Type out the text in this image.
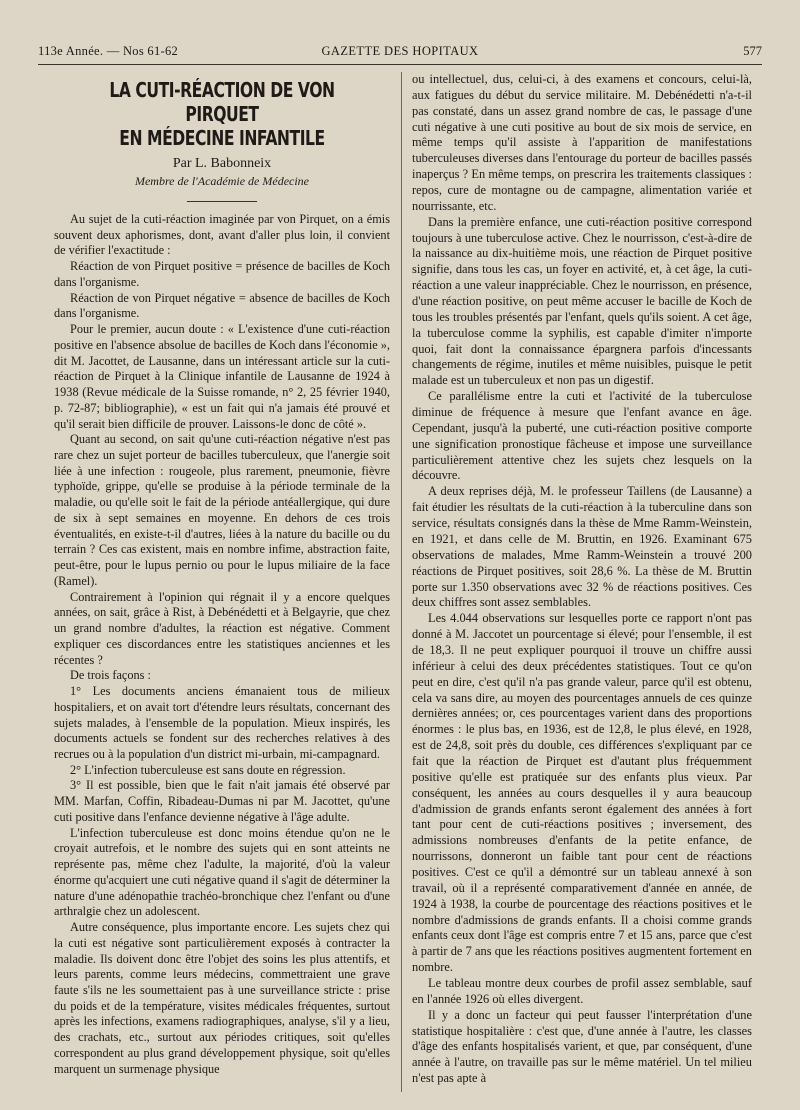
113e Année. — Nos 61-62	GAZETTE DES HOPITAUX	577
LA CUTI-RÉACTION DE VON PIRQUET
EN MÉDECINE INFANTILE
Par L. Babonneix
Membre de l'Académie de Médecine

Au sujet de la cuti-réaction imaginée par von Pirquet, on a émis souvent deux aphorismes, dont, avant d'aller plus loin, il convient de vérifier l'exactitude :

Réaction de von Pirquet positive = présence de bacilles de Koch dans l'organisme.

Réaction de von Pirquet négative = absence de bacilles de Koch dans l'organisme.

Pour le premier, aucun doute : « L'existence d'une cuti-réaction positive en l'absence absolue de bacilles de Koch dans l'économie », dit M. Jacottet, de Lausanne, dans un intéressant article sur la cuti-réaction de Pirquet à la Clinique infantile de Lausanne de 1924 à 1938 (Revue médicale de la Suisse romande, n° 2, 25 février 1940, p. 72-87; bibliographie), « est un fait qui n'a jamais été prouvé et qu'il serait bien difficile de prouver. Laissons-le donc de côté ».

Quant au second, on sait qu'une cuti-réaction négative n'est pas rare chez un sujet porteur de bacilles tuberculeux, que l'anergie soit liée à une infection : rougeole, plus rarement, pneumonie, fièvre typhoïde, grippe, qu'elle se produise à la période terminale de la maladie, ou qu'elle soit le fait de la période antéallergique, qui dure de six à sept semaines en moyenne. En dehors de ces trois éventualités, en existe-t-il d'autres, liées à la nature du bacille ou du terrain ? Ces cas existent, mais en nombre infime, abstraction faite, peut-être, pour le lupus pernio ou pour le lupus miliaire de la face (Ramel).

Contrairement à l'opinion qui régnait il y a encore quelques années, on sait, grâce à Rist, à Debénédetti et à Belgayrie, que chez un grand nombre d'adultes, la réaction est négative. Comment expliquer ces discordances entre les statistiques anciennes et les récentes ?

De trois façons :

1° Les documents anciens émanaient tous de milieux hospitaliers, et on avait tort d'étendre leurs résultats, concernant des sujets malades, à l'ensemble de la population. Mieux inspirés, les documents actuels se fondent sur des recherches relatives à des recrues ou à la population d'un district mi-urbain, mi-campagnard.

2° L'infection tuberculeuse est sans doute en régression.

3° Il est possible, bien que le fait n'ait jamais été observé par MM. Marfan, Coffin, Ribadeau-Dumas ni par M. Jacottet, qu'une cuti positive dans l'enfance devienne négative à l'âge adulte.

L'infection tuberculeuse est donc moins étendue qu'on ne le croyait autrefois, et le nombre des sujets qui en sont atteints ne représente pas, même chez l'adulte, la majorité, d'où la valeur énorme qu'acquiert une cuti négative quand il s'agit de déterminer la nature d'une adénopathie trachéo-bronchique chez l'enfant ou d'une arthralgie chez un adolescent.

Autre conséquence, plus importante encore. Les sujets chez qui la cuti est négative sont particulièrement exposés à contracter la maladie. Ils doivent donc être l'objet des soins les plus attentifs, et leurs parents, comme leurs médecins, commettraient une grave faute s'ils ne les soumettaient pas à une surveillance stricte : prise du poids et de la température, visites médicales fréquentes, surtout après les infections, examens radiographiques, analyse, s'il y a lieu, des crachats, etc., surtout aux périodes critiques, soit qu'elles correspondent au plus grand développement physique, soit qu'elles marquent un surmenage physique

ou intellectuel, dus, celui-ci, à des examens et concours, celui-là, aux fatigues du début du service militaire. M. Debénédetti n'a-t-il pas constaté, dans un assez grand nombre de cas, le passage d'une cuti négative à une cuti positive au bout de six mois de service, en même temps qu'il assiste à l'apparition de manifestations tuberculeuses diverses dans l'entourage du porteur de bacilles passés inaperçus ? En même temps, on prescrira les traitements classiques : repos, cure de montagne ou de campagne, alimentation variée et nourrissante, etc.

Dans la première enfance, une cuti-réaction positive correspond toujours à une tuberculose active. Chez le nourrisson, c'est-à-dire de la naissance au dix-huitième mois, une réaction de Pirquet positive signifie, dans tous les cas, un foyer en activité, et, à cet âge, la cuti-réaction a une valeur inappréciable. Chez le nourrisson, en présence, d'une réaction positive, on peut même accuser le bacille de Koch de tous les troubles présentés par l'enfant, quels qu'ils soient. A cet âge, la tuberculose comme la syphilis, est capable d'imiter n'importe quoi, fait dont la connaissance épargnera parfois d'incessants changements de régime, inutiles et même nuisibles, puisque le petit malade est un tuberculeux et non pas un digestif.

Ce parallélisme entre la cuti et l'activité de la tuberculose diminue de fréquence à mesure que l'enfant avance en âge. Cependant, jusqu'à la puberté, une cuti-réaction positive comporte une signification pronostique fâcheuse et impose une surveillance particulièrement attentive chez les sujets chez lesquels on la découvre.

A deux reprises déjà, M. le professeur Taillens (de Lausanne) a fait étudier les résultats de la cuti-réaction à la tuberculine dans son service, résultats consignés dans la thèse de Mme Ramm-Weinstein, en 1921, et dans celle de M. Bruttin, en 1926. Examinant 675 observations de malades, Mme Ramm-Weinstein a trouvé 200 réactions de Pirquet positives, soit 28,6 %. La thèse de M. Bruttin porte sur 1.350 observations avec 32 % de réactions positives. Ces deux chiffres sont assez semblables.

Les 4.044 observations sur lesquelles porte ce rapport n'ont pas donné à M. Jaccotet un pourcentage si élevé; pour l'ensemble, il est de 18,3. Il ne peut expliquer pourquoi il trouve un chiffre aussi inférieur à celui des deux précédentes statistiques. Tout ce qu'on peut en dire, c'est qu'il n'a pas grande valeur, parce qu'il est obtenu, cela va sans dire, au moyen des pourcentages annuels de ces quinze dernières années; or, ces pourcentages varient dans des proportions énormes : le plus bas, en 1936, est de 12,8, le plus élevé, en 1928, est de 24,8, soit près du double, ces différences s'expliquant par ce fait que la réaction de Pirquet est d'autant plus fréquemment positive qu'elle est pratiquée sur des enfants plus vieux. Par conséquent, les années au cours desquelles il y aura beaucoup d'admission de grands enfants seront également des années à fort tant pour cent de cuti-réactions positives ; inversement, des admissions nombreuses d'enfants de la petite enfance, de nourrissons, donneront un faible tant pour cent de réactions positives. C'est ce qu'il a démontré sur un tableau annexé à son travail, où il a représenté comparativement d'année en année, de 1924 à 1938, la courbe de pourcentage des réactions positives et le nombre d'admissions de grands enfants. Il a choisi comme grands enfants ceux dont l'âge est compris entre 7 et 15 ans, parce que c'est à partir de 7 ans que les réactions positives augmentent fortement en nombre.

Le tableau montre deux courbes de profil assez semblable, sauf en l'année 1926 où elles divergent.

Il y a donc un facteur qui peut fausser l'interprétation d'une statistique hospitalière : c'est que, d'une année à l'autre, les classes d'âge des enfants hospitalisés varient, et que, par conséquent, d'une année à l'autre, on travaille pas sur le même matériel. Un tel milieu n'est pas apte à
